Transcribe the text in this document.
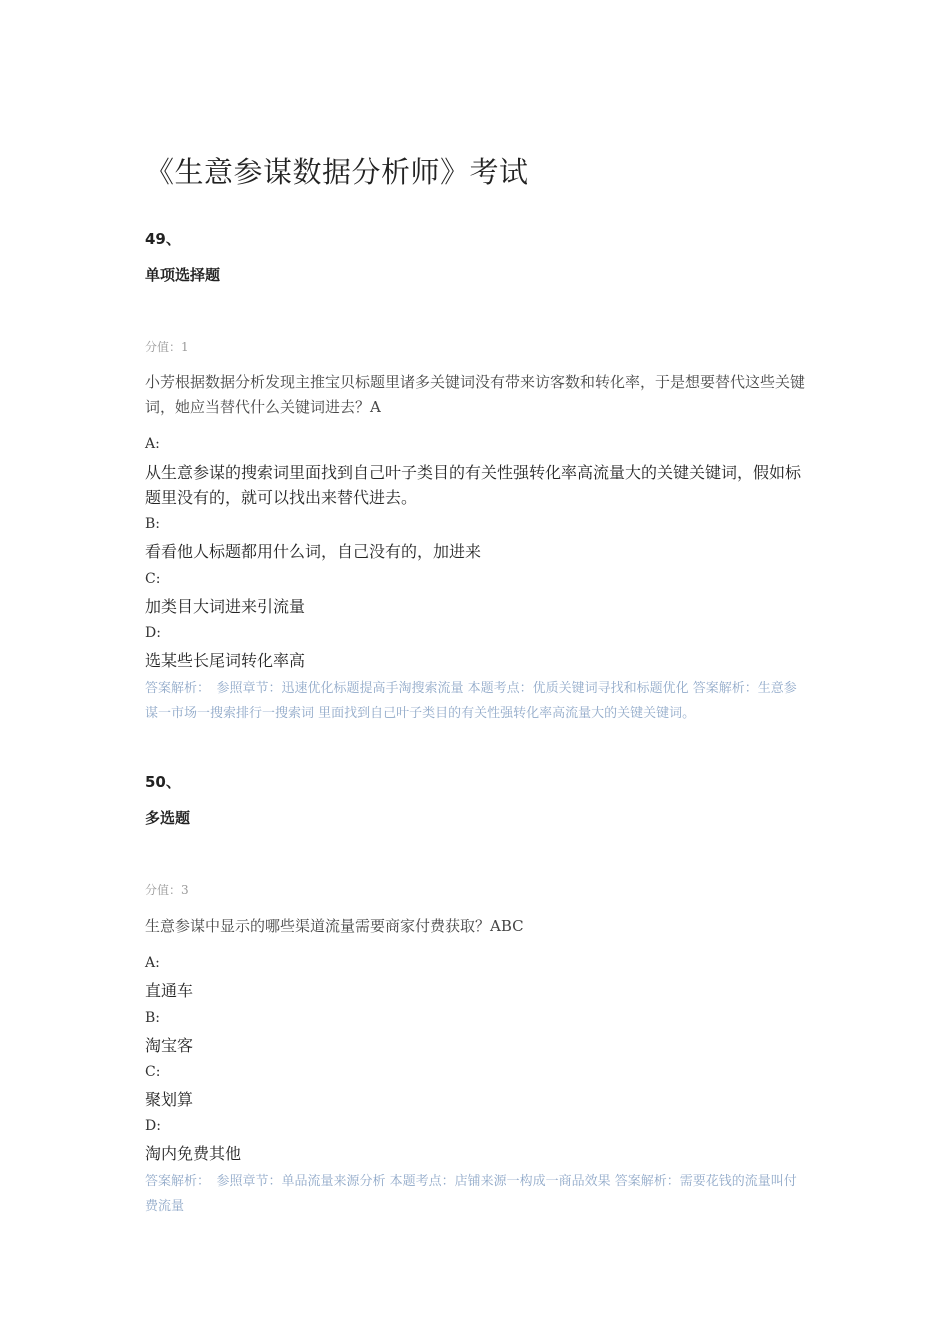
《生意参谋数据分析师》考试

49、

单项选择题

分值：1

小芳根据数据分析发现主推宝贝标题里诸多关键词没有带来访客数和转化率，于是想要替代这些关键词，她应当替代什么关键词进去？A

A:

从生意参谋的搜索词里面找到自己叶子类目的有关性强转化率高流量大的关键关键词，假如标题里没有的，就可以找出来替代进去。

B:

看看他人标题都用什么词，自己没有的，加进来

C:

加类目大词进来引流量

D:

选某些长尾词转化率高

答案解析：　参照章节：迅速优化标题提高手淘搜索流量 本题考点：优质关键词寻找和标题优化 答案解析：生意参谋一市场一搜索排行一搜索词 里面找到自己叶子类目的有关性强转化率高流量大的关键关键词。

50、

多选题

分值：3

生意参谋中显示的哪些渠道流量需要商家付费获取？ABC

A:

直通车

B:

淘宝客

C:

聚划算

D:

淘内免费其他

答案解析：　参照章节：单品流量来源分析 本题考点：店铺来源一构成一商品效果 答案解析：需要花钱的流量叫付费流量
